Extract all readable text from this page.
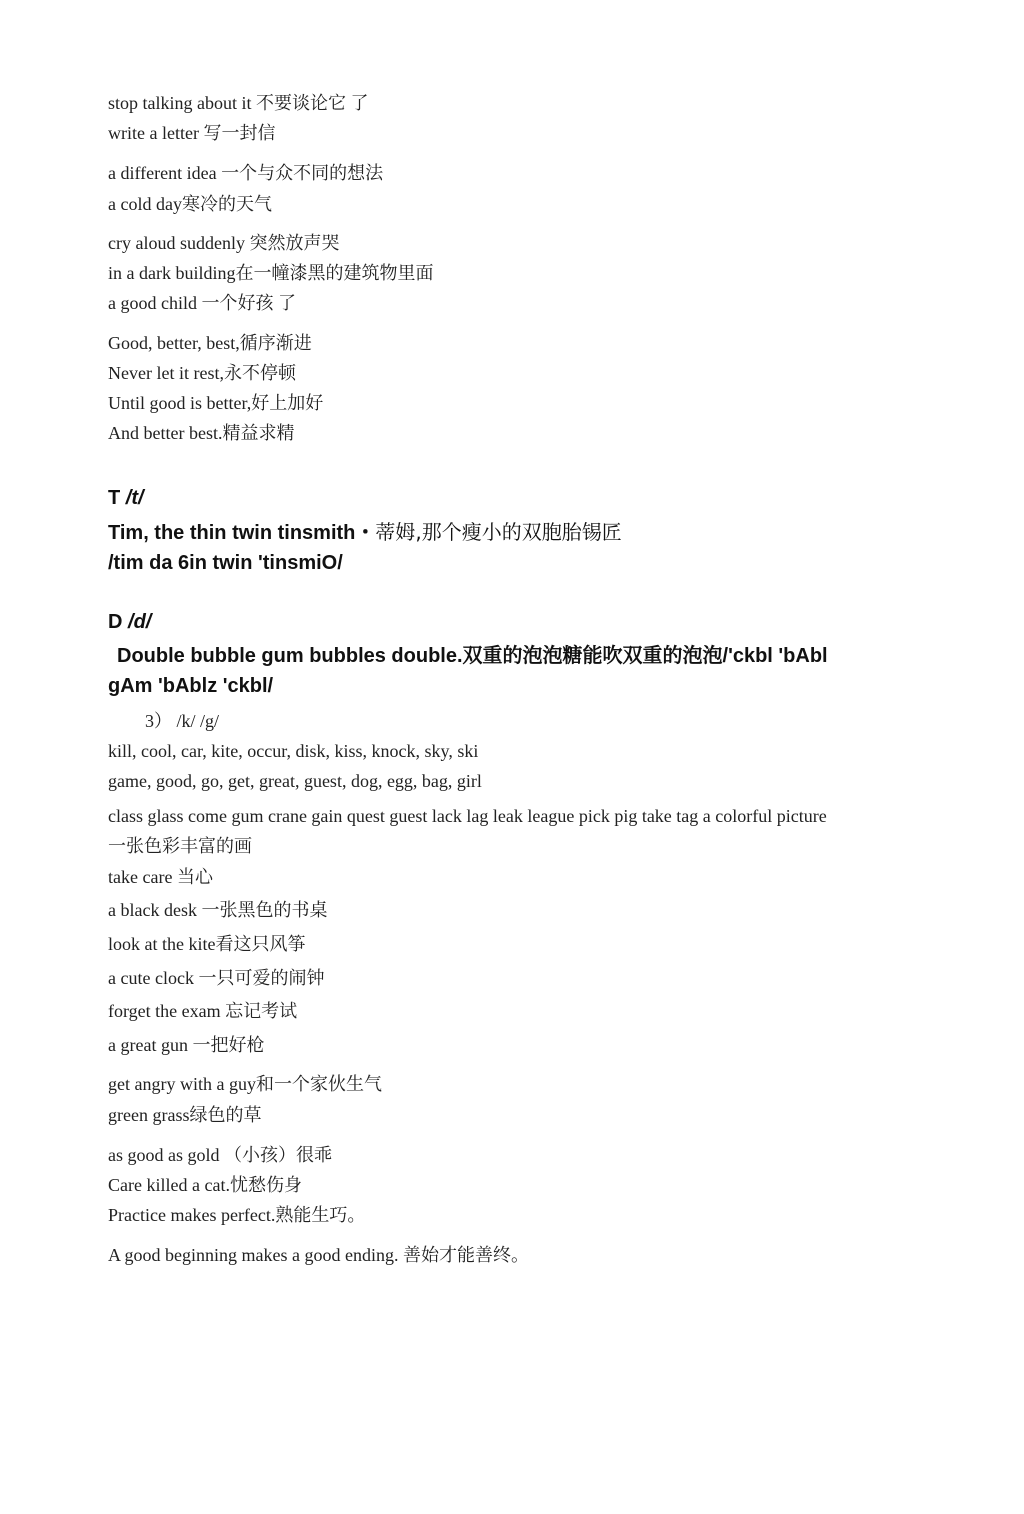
stop talking about it 不要谈论它 了
write a letter 写一封信
a different idea 一个与众不同的想法
a cold day寒冷的天气
cry aloud suddenly 突然放声哭
in a dark building在一幢漆黑的建筑物里面
a good child 一个好孩 了
Good, better, best,循序渐进
Never let it rest,永不停顿
Until good is better,好上加好
And better best.精益求精
T /t/
Tim, the thin twin tinsmith・蒂姆,那个瘦小的双胞胎锡匠
/tim da 6in twin 'tinsmiO/
D /d/
Double bubble gum bubbles double.双重的泡泡糖能吹双重的泡泡/'ckbl 'bAbl
gAm 'bAblz 'ckbl/
3） /k/ /g/
kill, cool, car, kite, occur, disk, kiss, knock, sky, ski
game, good, go, get, great, guest, dog, egg, bag, girl
class glass come gum crane gain quest guest lack lag leak league pick pig take tag a colorful picture
一张色彩丰富的画
take care 当心
a black desk 一张黑色的书桌
look at the kite看这只风筝
a cute clock 一只可爱的闹钟
forget the exam 忘记考试
a great gun 一把好枪
get angry with a guy和一个家伙生气
green grass绿色的草
as good as gold （小孩）很乖
Care killed a cat.忧愁伤身
Practice makes perfect.熟能生巧。
A good beginning makes a good ending. 善始才能善终。
